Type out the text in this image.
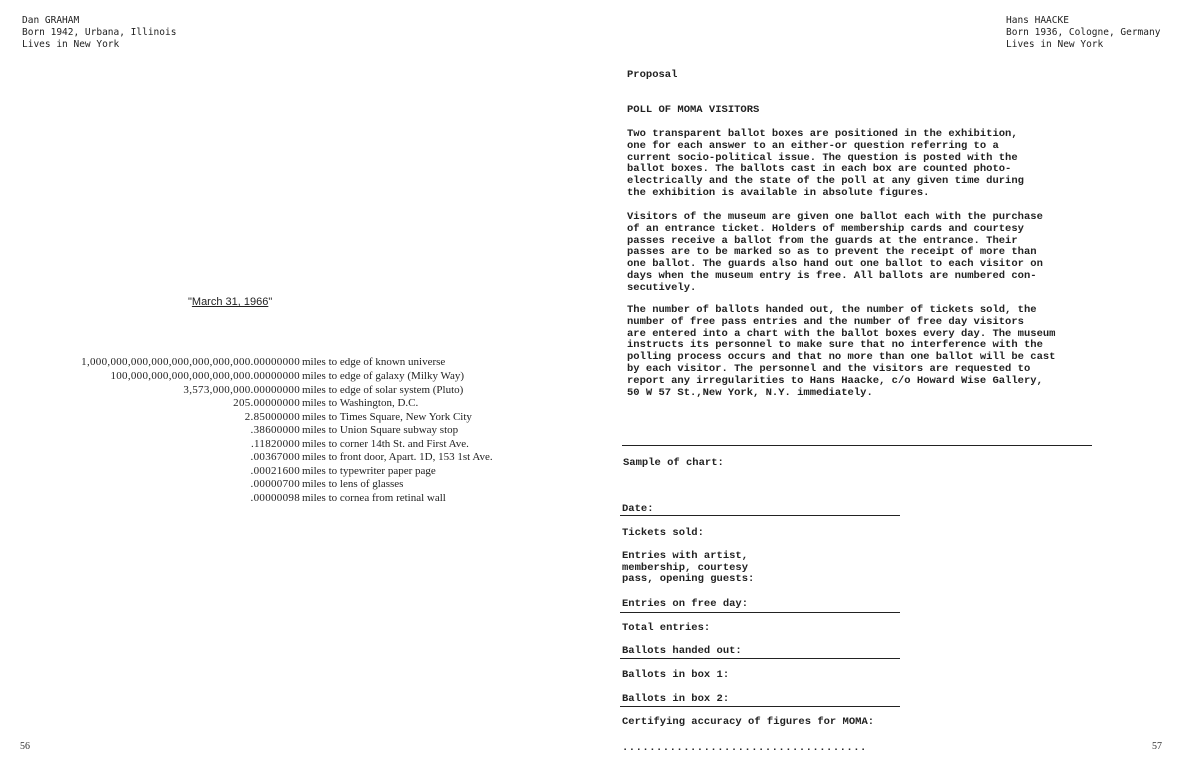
Dan GRAHAM
Born 1942, Urbana, Illinois
Lives in New York
"March 31, 1966"
1,000,000,000,000,000,000,000,000.00000000 miles to edge of known universe
100,000,000,000,000,000,000.00000000 miles to edge of galaxy (Milky Way)
3,573,000,000.00000000 miles to edge of solar system (Pluto)
205.00000000 miles to Washington, D.C.
2.85000000 miles to Times Square, New York City
.38600000 miles to Union Square subway stop
.11820000 miles to corner 14th St. and First Ave.
.00367000 miles to front door, Apart. 1D, 153 1st Ave.
.00021600 miles to typewriter paper page
.00000700 miles to lens of glasses
.00000098 miles to cornea from retinal wall
56
Hans HAACKE
Born 1936, Cologne, Germany
Lives in New York
Proposal
POLL OF MOMA VISITORS
Two transparent ballot boxes are positioned in the exhibition,
one for each answer to an either-or question referring to a
current socio-political issue. The question is posted with the
ballot boxes. The ballots cast in each box are counted photo-
electrically and the state of the poll at any given time during
the exhibition is available in absolute figures.
Visitors of the museum are given one ballot each with the purchase
of an entrance ticket. Holders of membership cards and courtesy
passes receive a ballot from the guards at the entrance. Their
passes are to be marked so as to prevent the receipt of more than
one ballot. The guards also hand out one ballot to each visitor on
days when the museum entry is free. All ballots are numbered con-
secutively.
The number of ballots handed out, the number of tickets sold, the
number of free pass entries and the number of free day visitors
are entered into a chart with the ballot boxes every day. The museum
instructs its personnel to make sure that no interference with the
polling process occurs and that no more than one ballot will be cast
by each visitor. The personnel and the visitors are requested to
report any irregularities to Hans Haacke, c/o Howard Wise Gallery,
50 W 57 St.,New York, N.Y. immediately.
Sample of chart:
Date:
Tickets sold:
Entries with artist,
membership, courtesy
pass, opening guests:
Entries on free day:
Total entries:
Ballots handed out:
Ballots in box 1:
Ballots in box 2:
Certifying accuracy of figures for MOMA:
....................................	57
